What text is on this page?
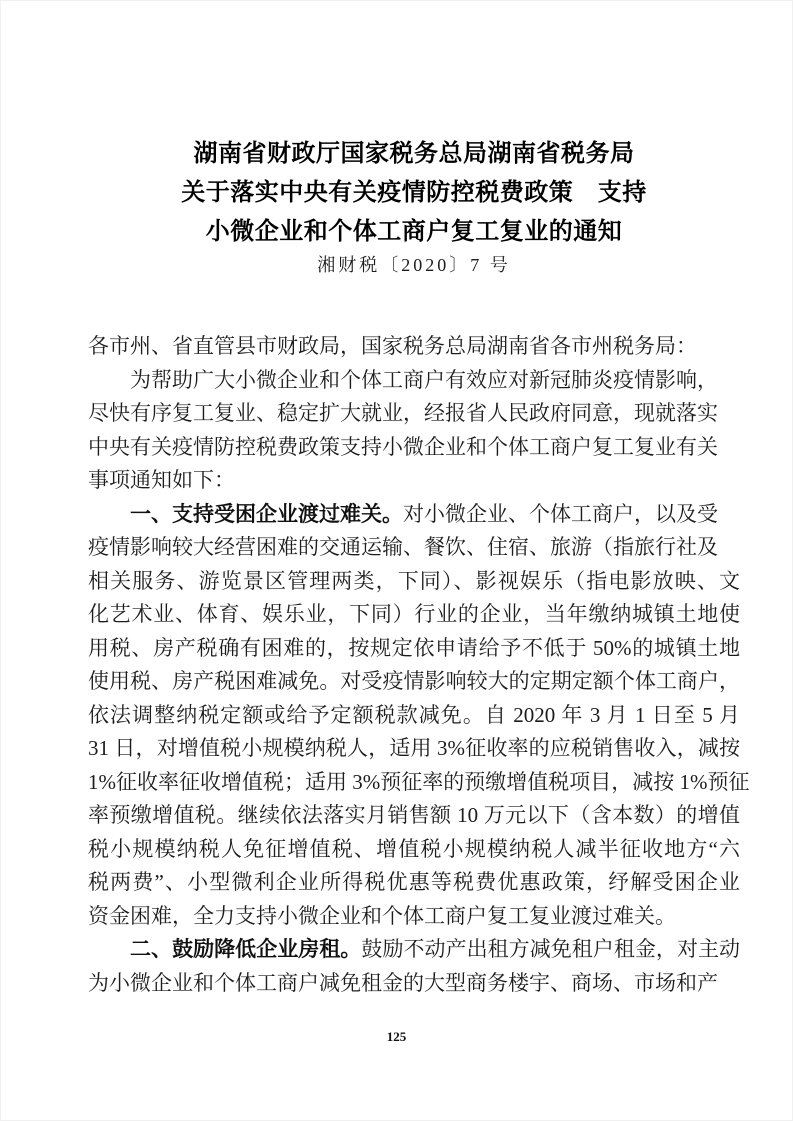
湖南省财政厅国家税务总局湖南省税务局
关于落实中央有关疫情防控税费政策　支持
小微企业和个体工商户复工复业的通知
湘财税〔2020〕7 号
各市州、省直管县市财政局，国家税务总局湖南省各市州税务局：
为帮助广大小微企业和个体工商户有效应对新冠肺炎疫情影响，
尽快有序复工复业、稳定扩大就业，经报省人民政府同意，现就落实
中央有关疫情防控税费政策支持小微企业和个体工商户复工复业有关
事项通知如下：
一、支持受困企业渡过难关。对小微企业、个体工商户，以及受
疫情影响较大经营困难的交通运输、餐饮、住宿、旅游（指旅行社及
相关服务、游览景区管理两类，下同）、影视娱乐（指电影放映、文
化艺术业、体育、娱乐业，下同）行业的企业，当年缴纳城镇土地使
用税、房产税确有困难的，按规定依申请给予不低于 50%的城镇土地
使用税、房产税困难减免。对受疫情影响较大的定期定额个体工商户，
依法调整纳税定额或给予定额税款减免。自 2020 年 3 月 1 日至 5 月
31 日，对增值税小规模纳税人，适用 3%征收率的应税销售收入，减按
1%征收率征收增值税；适用 3%预征率的预缴增值税项目，减按 1%预征
率预缴增值税。继续依法落实月销售额 10 万元以下（含本数）的增值
税小规模纳税人免征增值税、增值税小规模纳税人减半征收地方“六
税两费”、小型微利企业所得税优惠等税费优惠政策，纾解受困企业
资金困难，全力支持小微企业和个体工商户复工复业渡过难关。
二、鼓励降低企业房租。鼓励不动产出租方减免租户租金，对主动
为小微企业和个体工商户减免租金的大型商务楼宇、商场、市场和产
125
